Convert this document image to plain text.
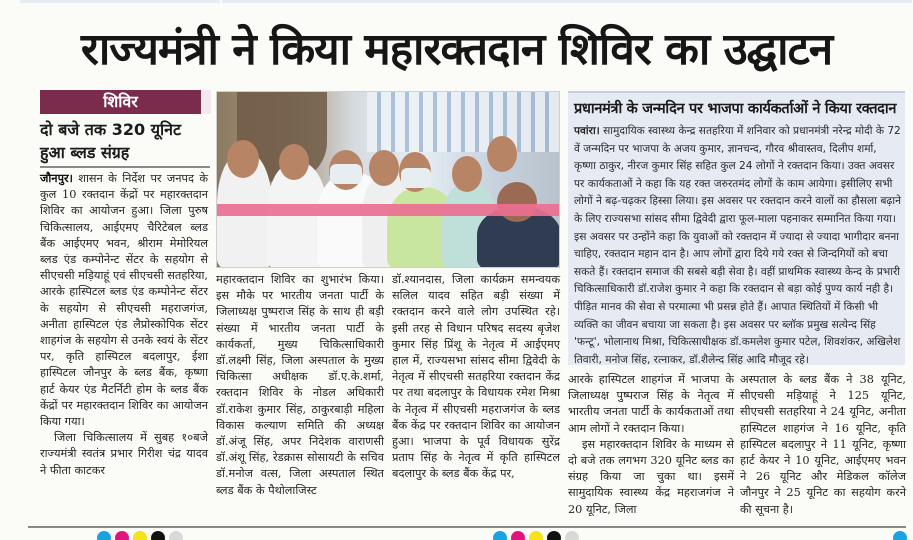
राज्यमंत्री ने किया महारक्तदान शिविर का उद्घाटन
शिविर
दो बजे तक 320 यूनिट हुआ ब्लड संग्रह

जौनपुर। शासन के निर्देश पर जनपद के कुल 10 रक्तदान केंद्रों पर महारक्तदान शिविर का आयोजन हुआ। जिला पुरुष चिकित्सालय, आईएमए चैरिटेबल ब्लड बैंक आईएमए भवन, श्रीराम मेमोरियल ब्लड एंड कम्पोनेन्ट सेंटर के सहयोग से सीएचसी मड़ियाहूं एवं सीएचसी सतहरिया, आरके हास्पिटल ब्लड एंड कम्पोनेन्ट सेंटर के सहयोग से सीएचसी महराजगंज, अनीता हास्पिटल एंड लैप्रोस्कोपिक सेंटर शाहगंज के सहयोग से उनके स्वयं के सेंटर पर, कृति हास्पिटल बदलापुर, ईशा हास्पिटल जौनपुर के ब्लड बैंक, कृष्णा हार्ट केयर एंड मैटर्निटी होम के ब्लड बैंक केंद्रों पर महारक्तदान शिविर का आयोजन किया गया।

जिला चिकित्सालय में सुबह १०बजे राज्यमंत्री स्वतंत्र प्रभार गिरीश चंद्र यादव ने फीता काटकर

महारक्तदान शिविर का शुभारंभ किया। इस मौके पर भारतीय जनता पार्टी के जिलाध्यक्ष पुष्पराज सिंह के साथ ही बड़ी संख्या में भारतीय जनता पार्टी के कार्यकर्ता, मुख्य चिकित्साधिकारी डॉ.लक्ष्मी सिंह, जिला अस्पताल के मुख्य चिकित्सा अधीक्षक डॉ.ए.के.शर्मा, रक्तदान शिविर के नोडल अधिकारी डॉ.राकेश कुमार सिंह, ठाकुरबाड़ी महिला विकास कल्याण समिति की अध्यक्ष डॉ.अंजू सिंह, अपर निदेशक वाराणसी डॉ.अंशू सिंह, रेडक्रास सोसायटी के सचिव डॉ.मनोज वत्स, जिला अस्पताल स्थित ब्लड बैंक के पैथोलाजिस्ट

डॉ.श्यानदास, जिला कार्यक्रम समन्वयक सलिल यादव सहित बड़ी संख्या में रक्तदान करने वाले लोग उपस्थित रहे। इसी तरह से विधान परिषद सदस्य बृजेश कुमार सिंह प्रिंशू के नेतृत्व में आईएमए हाल में, राज्यसभा सांसद सीमा द्विवेदी के नेतृत्व में सीएचसी सतहरिया रक्तदान केंद्र पर तथा बदलापुर के विधायक रमेश मिश्रा के नेतृत्व में सीएचसी महराजगंज के ब्लड बैंक केंद्र पर रक्तदान शिविर का आयोजन हुआ। भाजपा के पूर्व विधायक सुरेंद्र प्रताप सिंह के नेतृत्व में कृति हास्पिटल बदलापुर के ब्लड बैंक केंद्र पर,

प्रधानमंत्री के जन्मदिन पर भाजपा कार्यकर्ताओं ने किया रक्तदान
पवांरा। सामुदायिक स्वास्थ्य केन्द्र सतहरिया में शनिवार को प्रधानमंत्री नरेन्द्र मोदी के 72 वें जन्मदिन पर भाजपा के अजय कुमार, ज्ञानचन्द, गौरव श्रीवास्तव, दिलीप शर्मा, कृष्णा ठाकुर, नीरज कुमार सिंह सहित कुल 24 लोगों ने रक्तदान किया। उक्त अवसर पर कार्यकताओं ने कहा कि यह रक्त जरुरतमंद लोगों के काम आयेगा। इसीलिए सभी लोगों ने बढ़-चढ़कर हिस्सा लिया। इस अवसर पर रक्तदान करने वालों का हौसला बढ़ाने के लिए राज्यसभा सांसद सीमा द्विवेदी द्वारा फूल-माला पहनाकर सम्मानित किया गया। इस अवसर पर उन्होंने कहा कि युवाओं को रक्तदान में ज्यादा से ज्यादा भागीदार बनना चाहिए, रक्तदान महान दान है। आप लोगों द्वारा दिये गये रक्त से जिन्दगियों को बचा सकते हैं। रक्तदान समाज की सबसे बड़ी सेवा है। वहीं प्राथमिक स्वास्थ्य केन्द के प्रभारी चिकित्साधिकारी डॉ.राजेश कुमार ने कहा कि रक्तदान से बड़ा कोई पुण्य कार्य नही है। पीड़ित मानव की सेवा से परमात्मा भी प्रसन्न होते हैं। आपात स्थितियों में किसी भी व्यक्ति का जीवन बचाया जा सकता है। इस अवसर पर ब्लॉक प्रमुख सत्येन्द सिंह 'फन्टू', भोलानाथ मिश्रा, चिकित्साधीक्षक डॉ.कमलेश कुमार पटेल, शिवशंकर, अखिलेश तिवारी, मनोज सिंह, रत्नाकर, डॉ.शैलेन्द सिंह आदि मौजूद रहे।

आरके हास्पिटल शाहगंज में भाजपा के जिलाध्यक्ष पुष्पराज सिंह के नेतृत्व में भारतीय जनता पार्टी के कार्यकताओं तथा आम लोगों ने रक्तदान किया।

इस महारक्तदान शिविर के माध्यम से दो बजे तक लगभग 320 यूनिट ब्लड का संग्रह किया जा चुका था। इसमें सामुदायिक स्वास्थ्य केंद्र महराजगंज ने 20 यूनिट, जिला

अस्पताल के ब्लड बैंक ने 38 यूनिट, सीएचसी मड़ियाहूं ने 125 यूनिट, सीएचसी सतहरिया ने 24 यूनिट, अनीता हास्पिटल शाहगंज ने 16 यूनिट, कृति हास्पिटल बदलापुर ने 11 यूनिट, कृष्णा हार्ट केयर ने 10 यूनिट, आईएमए भवन ने 26 यूनिट और मेडिकल कॉलेज जौनपुर ने 25 यूनिट का सहयोग करने की सूचना है।
